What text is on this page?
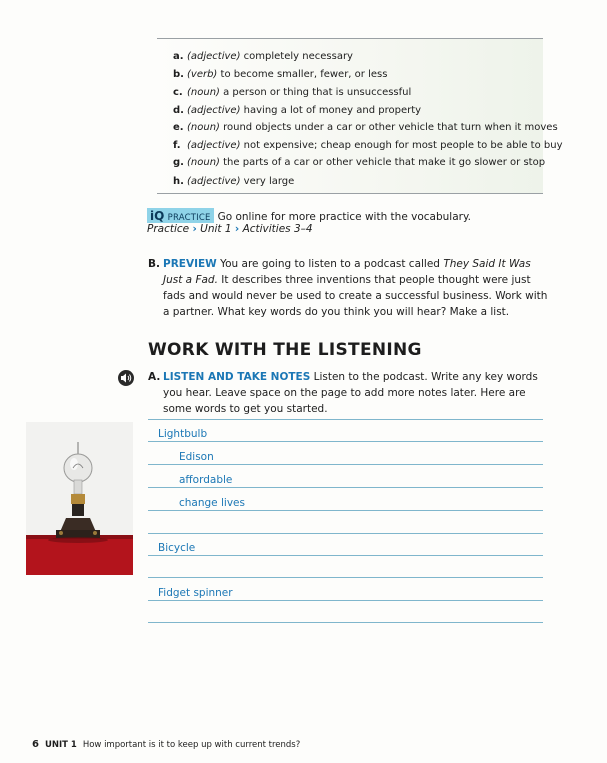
a. (adjective) completely necessary
b. (verb) to become smaller, fewer, or less
c. (noun) a person or thing that is unsuccessful
d. (adjective) having a lot of money and property
e. (noun) round objects under a car or other vehicle that turn when it moves
f. (adjective) not expensive; cheap enough for most people to be able to buy
g. (noun) the parts of a car or other vehicle that make it go slower or stop
h. (adjective) very large
iQ PRACTICE Go online for more practice with the vocabulary.
Practice › Unit 1 › Activities 3–4
B. PREVIEW You are going to listen to a podcast called They Said It Was Just a Fad. It describes three inventions that people thought were just fads and would never be used to create a successful business. Work with a partner. What key words do you think you will hear? Make a list.
WORK WITH THE LISTENING
A. LISTEN AND TAKE NOTES Listen to the podcast. Write any key words you hear. Leave space on the page to add more notes later. Here are some words to get you started.
Lightbulb
Edison
affordable
change lives
Bicycle
Fidget spinner
6 UNIT 1 How important is it to keep up with current trends?
